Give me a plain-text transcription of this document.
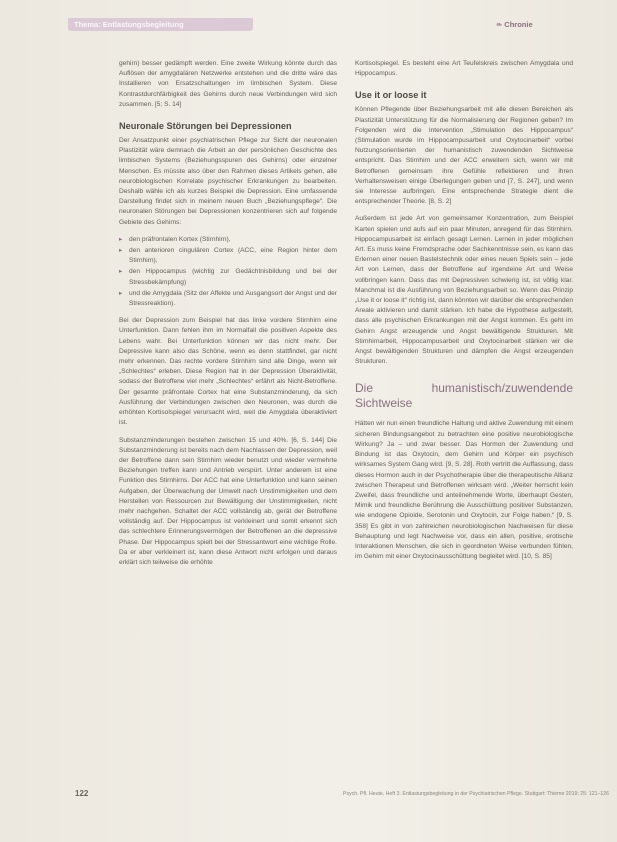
Thema: Entlastungsbegleitung	❧ Chronie

gehirn) besser gedämpft werden. Eine zweite Wirkung könnte durch das Auflösen der amygdalären Netzwerke entstehen und die dritte wäre das Installieren von Ersatzschaltungen im limbischen System. Diese Kontrastdurchfärbigkeit des Gehirns durch neue Verbindungen wird sich zusammen. [5; S. 14]

Neuronale Störungen bei Depressionen

Der Ansatzpunkt einer psychiatrischen Pflege zur Sicht der neuronalen Plastizität wäre demnach die Arbeit an der persönlichen Geschichte des limbischen Systems (Beziehungsspuren des Gehirns) oder einzelner Menschen. Es müsste also über den Rahmen dieses Artikels gehen, alle neurobiologischen Korrelate psychischer Erkrankungen zu bearbeiten. Deshalb wähle ich als kurzes Beispiel die Depression. Eine umfassende Darstellung findet sich in meinem neuen Buch „Beziehungspflege“. Die neuronalen Störungen bei Depressionen konzentrieren sich auf folgende Gebiete des Gehirns:

▸ den präfrontalen Kortex (Stirnhirn),
▸ den anterioren cingulären Cortex (ACC, eine Region hinter dem Stirnhirn),
▸ den Hippocampus (wichtig zur Gedächtnisbildung und bei der Stressbekämpfung)
▸ und die Amygdala (Sitz der Affekte und Ausgangsort der Angst und der Stressreaktion).

Bei der Depression zum Beispiel hat das linke vordere Stirnhirn eine Unterfunktion. Dann fehlen ihm im Normalfall die positiven Aspekte des Lebens wahr. Bei Unterfunktion können wir das nicht mehr. Der Depressive kann also das Schöne, wenn es denn stattfindet, gar nicht mehr erkennen. Das rechte vordere Stirnhirn sind alle Dinge, wenn wir „Schlechtes“ erleben. Diese Region hat in der Depression Überaktivität, sodass der Betroffene viel mehr „Schlechtes“ erfährt als Nicht-Betroffene. Der gesamte präfrontale Cortex hat eine Substanzminderung, da sich Ausführung der Verbindungen zwischen den Neuronen, was durch die erhöhten Kortisolspiegel verursacht wird, weil die Amygdala überaktiviert ist.

Substanzminderungen bestehen zwischen 15 und 40%. [6, S. 144] Die Substanzminderung ist bereits nach dem Nachlassen der Depression, weil der Betroffene dann sein Stirnhirn wieder benutzt und wieder vermehrte Beziehungen treffen kann und Antrieb verspürt. Unter anderem ist eine Funktion des Stirnhirns. Der ACC hat eine Unterfunktion und kann seinen Aufgaben, der Überwachung der Umwelt nach Unstimmigkeiten und dem Herstellen von Ressourcen zur Bewältigung der Unstimmigkeiten, nicht mehr nachgehen. Schaltet der ACC vollständig ab, gerät der Betroffene vollständig auf. Der Hippocampus ist verkleinert und somit erkennt sich das schlechtere Erinnerungsvermögen der Betroffenen an die depressive Phase. Der Hippocampus spielt bei der Stressantwort eine wichtige Rolle. Da er aber verkleinert ist, kann diese Antwort nicht erfolgen und daraus erklärt sich teilweise die erhöhte

Kortisolspiegel. Es besteht eine Art Teufelskreis zwischen Amygdala und Hippocampus.

Use it or loose it

Können Pflegende über Beziehungsarbeit mit alle diesen Bereichen als Plastizität Unterstützung für die Normalisierung der Regionen geben? Im Folgenden wird die Intervention „Stimulation des Hippocampus“ (Stimulation wurde im Hippocampusarbeit und Oxytocinarbeit“ vorbei Nutzungsorientierten der humanistisch zuwendenden Sichtweise entspricht. Das Stirnhirn und der ACC erweitern sich, wenn wir mit Betroffenen gemeinsam ihre Gefühle reflektieren und ihren Verhaltensweisen einige Überlegungen geben und [7, S. 247], und wenn sie Interesse aufbringen. Eine entsprechende Strategie dient die entsprechender Theorie. [8, S. 2]

Außerdem ist jede Art von gemeinsamer Konzentration, zum Beispiel Karten spielen und aufs auf ein paar Minuten, anregend für das Stirnhirn. Hippocampusarbeit ist einfach gesagt Lernen. Lernen in jeder möglichen Art. Es muss keine Fremdsprache oder Sachkenntnisse sein, es kann das Erlernen einer neuen Bastelstechnik oder eines neuen Spiels sein – jede Art von Lernen, dass der Betroffene auf irgendeine Art und Weise vollbringen kann. Dass das mit Depressiven schwierig ist, ist völlig klar. Manchmal ist die Ausführung von Beziehungsarbeit so. Wenn das Prinzip „Use it or loose it“ richtig ist, dann könnten wir darüber die entsprechenden Areale aktivieren und damit stärken. Ich habe die Hypothese aufgestellt, dass alle psychischen Erkrankungen mit der Angst kommen. Es geht im Gehirn Angst erzeugende und Angst bewältigende Strukturen. Mit Stirnhirnarbeit, Hippocampusarbeit und Oxytocinarbeit stärken wir die Angst bewältigenden Strukturen und dämpfen die Angst erzeugenden Strukturen.

Die humanistisch/zuwendende Sichtweise

Hätten wir nun einen freundliche Haltung und aktive Zuwendung mit einem sicheren Bindungsangebot zu betrachten eine positive neurobiologische Wirkung? Ja – und zwar besser. Das Hormon der Zuwendung und Bindung ist das Oxytocin, dem Gehirn und Körper ein psychisch wirksames System Gang wird. [9, S. 28]. Roth vertritt die Auffassung, dass dieses Hormon auch in der Psychotherapie über die therapeutische Allianz zwischen Therapeut und Betroffenen wirksam wird. „Weiter herrscht kein Zweifel, dass freundliche und anteilnehmende Worte, überhaupt Gesten, Mimik und freundliche Berührung die Ausschüttung positiver Substanzen, wie endogene Opioide, Serotonin und Oxytocin, zur Folge haben.“ [9, S. 358] Es gibt in von zahlreichen neurobiologischen Nachweisen für diese Behauptung und legt Nachweise vor, dass ein allen, positive, erotische Interaktionen Menschen, die sich in geordneten Weise verbunden fühlen, im Gehirn mit einer Oxytocinausschüttung begleitet wird. [10, S. 85]

122	Psych. Pfl. Heute, Heft 3. Entlastungsbegleitung in der Psychiatrischen Pflege. Stuttgart: Thieme 2019; 25: 121–126
